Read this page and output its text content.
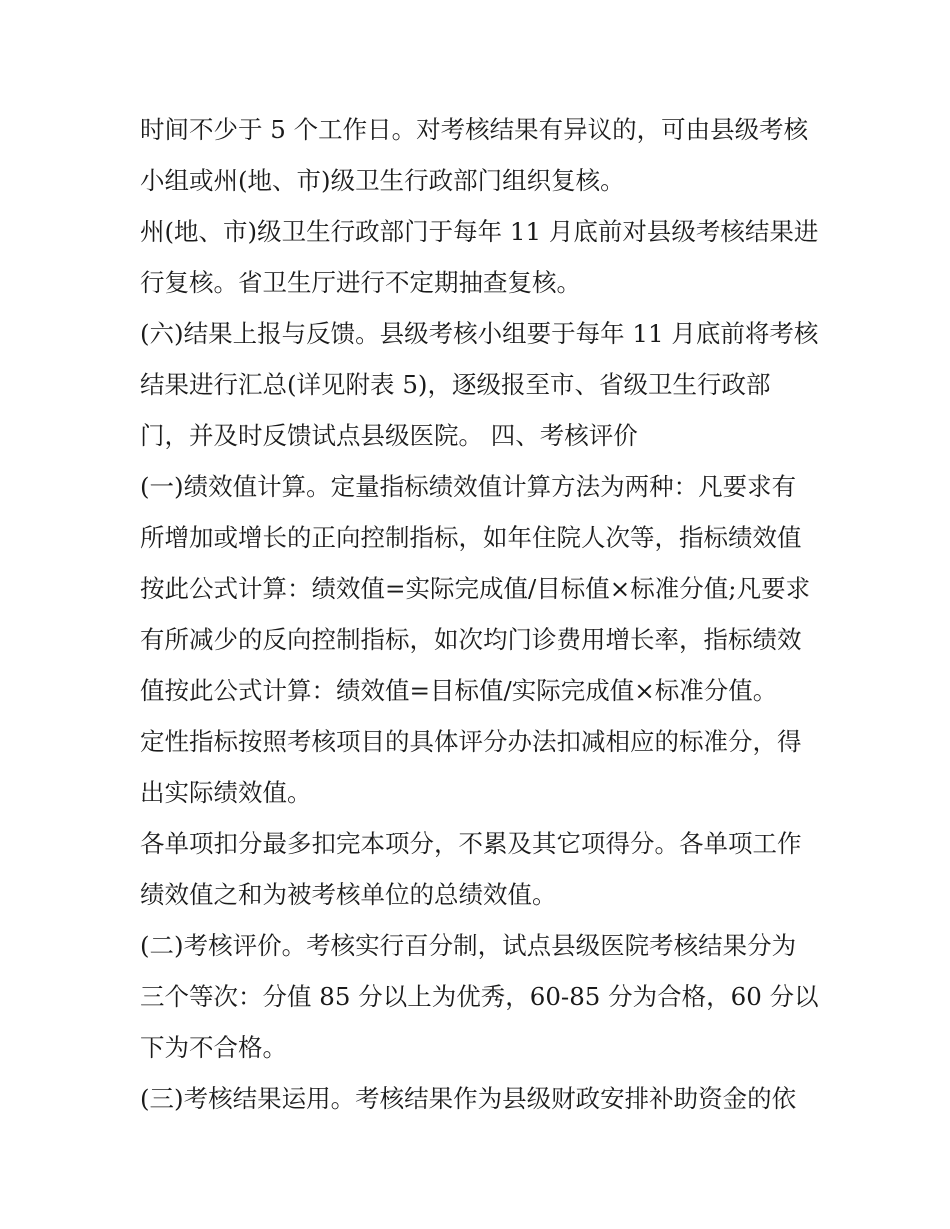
时间不少于 5 个工作日。对考核结果有异议的，可由县级考核
小组或州(地、市)级卫生行政部门组织复核。
州(地、市)级卫生行政部门于每年 11 月底前对县级考核结果进
行复核。省卫生厅进行不定期抽查复核。
(六)结果上报与反馈。县级考核小组要于每年 11 月底前将考核
结果进行汇总(详见附表 5)，逐级报至市、省级卫生行政部
门，并及时反馈试点县级医院。 四、考核评价
(一)绩效值计算。定量指标绩效值计算方法为两种：凡要求有
所增加或增长的正向控制指标，如年住院人次等，指标绩效值
按此公式计算：绩效值=实际完成值/目标值×标准分值;凡要求
有所减少的反向控制指标，如次均门诊费用增长率，指标绩效
值按此公式计算：绩效值=目标值/实际完成值×标准分值。
定性指标按照考核项目的具体评分办法扣减相应的标准分，得
出实际绩效值。
各单项扣分最多扣完本项分，不累及其它项得分。各单项工作
绩效值之和为被考核单位的总绩效值。
(二)考核评价。考核实行百分制，试点县级医院考核结果分为
三个等次：分值 85 分以上为优秀，60-85 分为合格，60 分以
下为不合格。
(三)考核结果运用。考核结果作为县级财政安排补助资金的依
